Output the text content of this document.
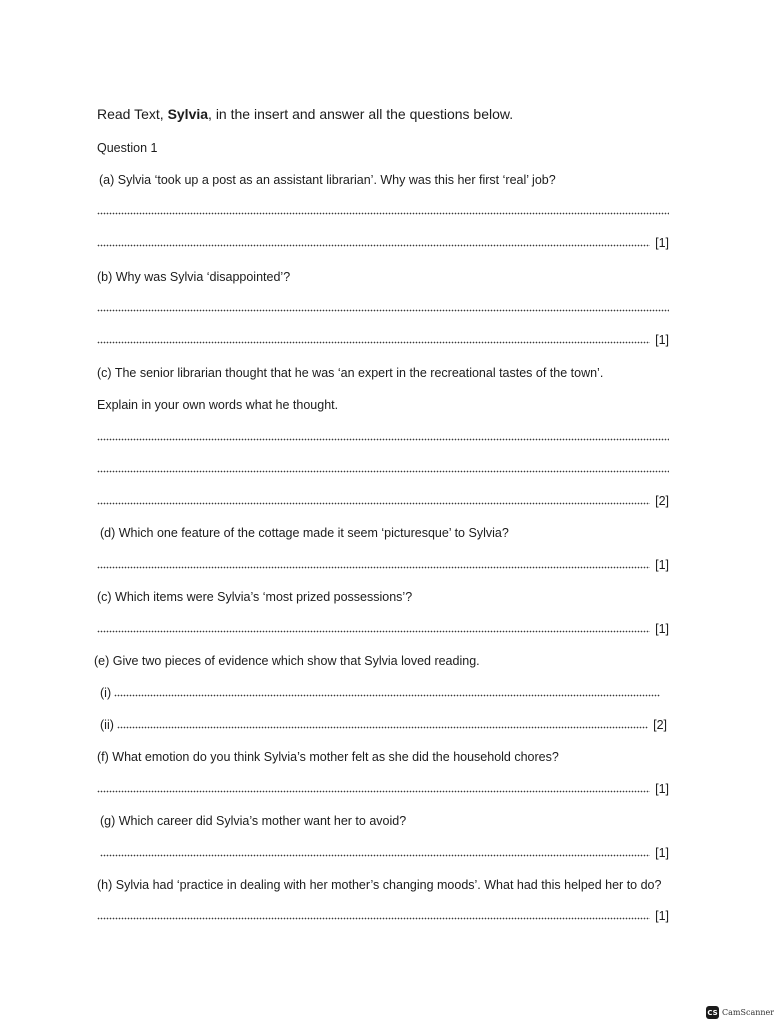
Read Text, Sylvia, in the insert and answer all the questions below.
Question 1
(a) Sylvia ‘took up a post as an assistant librarian’. Why was this her first ‘real’ job?
[1]
(b) Why was Sylvia ‘disappointed’?
[1]
(c) The senior librarian thought that he was ‘an expert in the recreational tastes of the town’.
Explain in your own words what he thought.
[2]
(d) Which one feature of the cottage made it seem ‘picturesque’ to Sylvia?
[1]
(c) Which items were Sylvia’s ‘most prized possessions’?
[1]
(e) Give two pieces of evidence which show that Sylvia loved reading.
(i)
(ii)	[2]
(f) What emotion do you think Sylvia’s mother felt as she did the household chores?
[1]
(g) Which career did Sylvia’s mother want her to avoid?
[1]
(h) Sylvia had ‘practice in dealing with her mother’s changing moods’. What had this helped her to do?
[1]
CS CamScanner
